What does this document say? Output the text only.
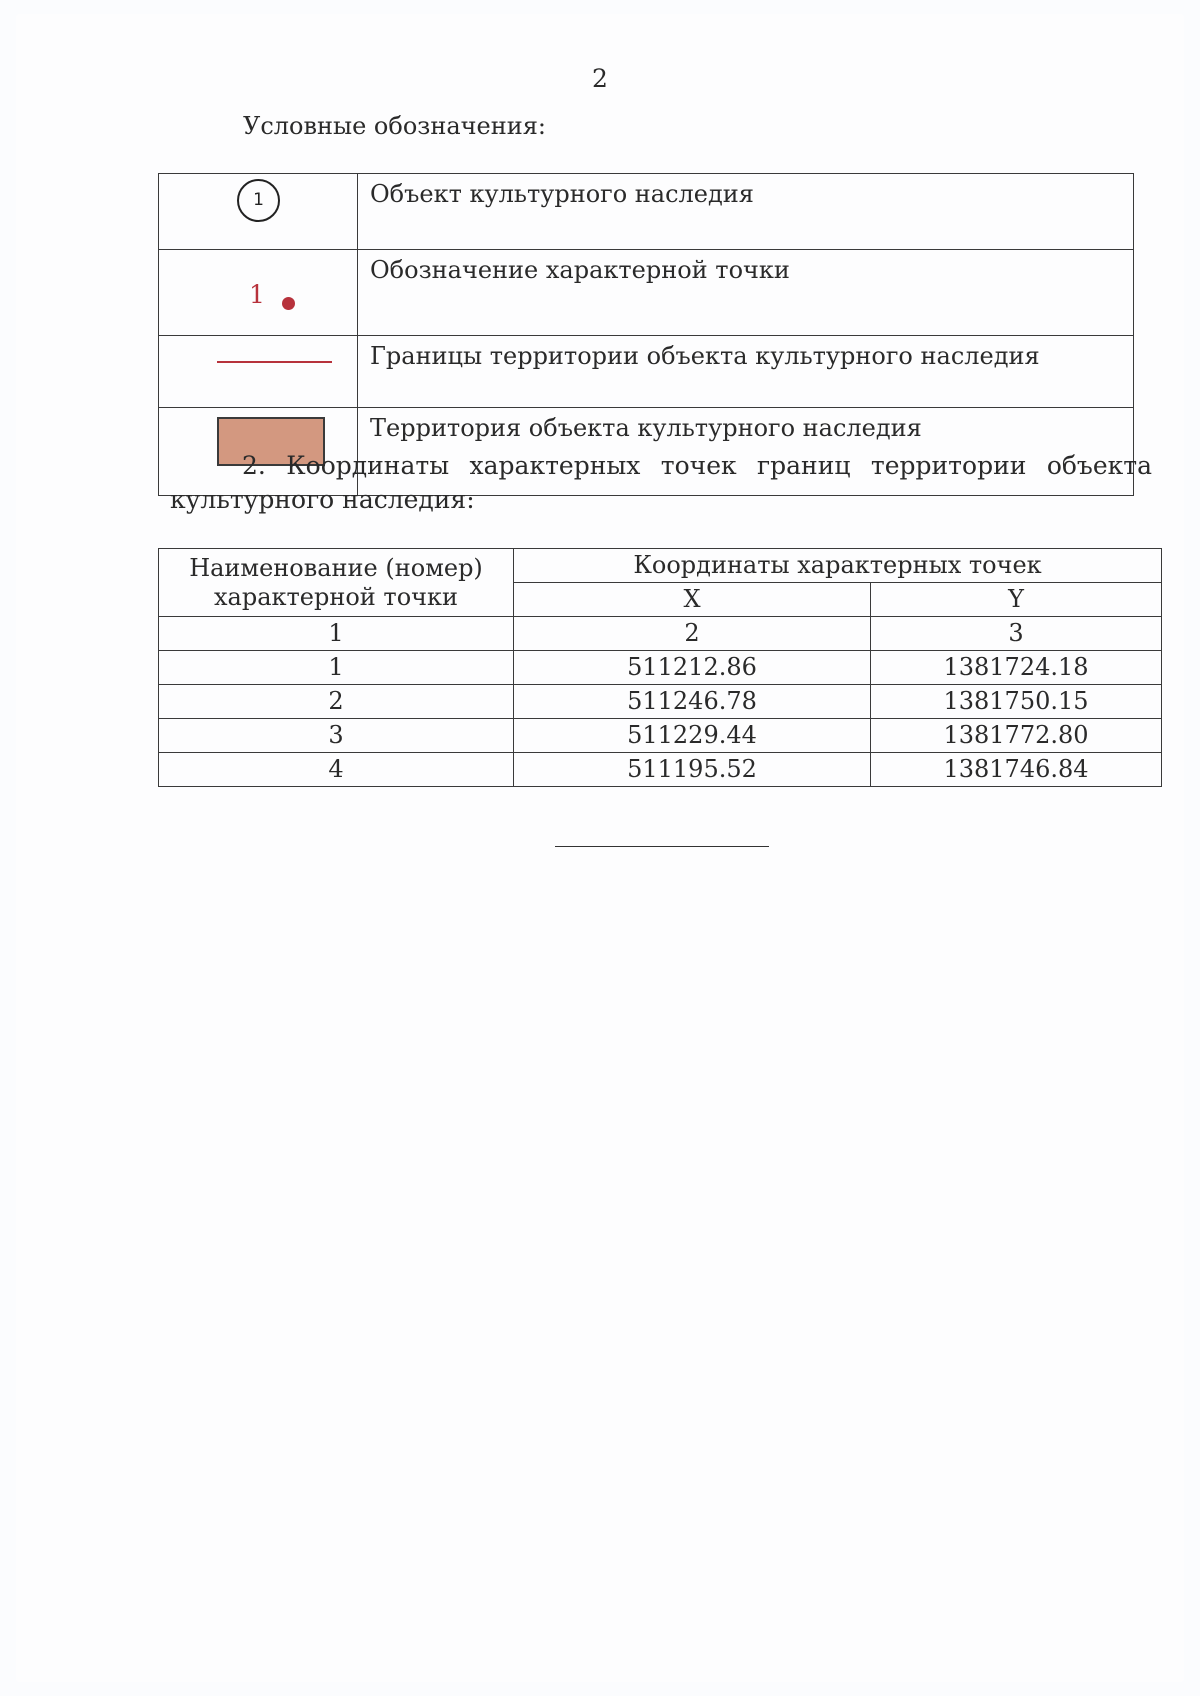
2
Условные обозначения:
1	Объект культурного наследия

1	Обозначение характерной точки

	Границы территории объекта культурного наследия

	Территория объекта культурного наследия
2. Координаты характерных точек границ территории объекта
культурного наследия:
Наименование (номер) характерной точки	Координаты характерных точек	
	X	Y
1	2	3
1	511212.86	1381724.18
2	511246.78	1381750.15
3	511229.44	1381772.80
4	511195.52	1381746.84
